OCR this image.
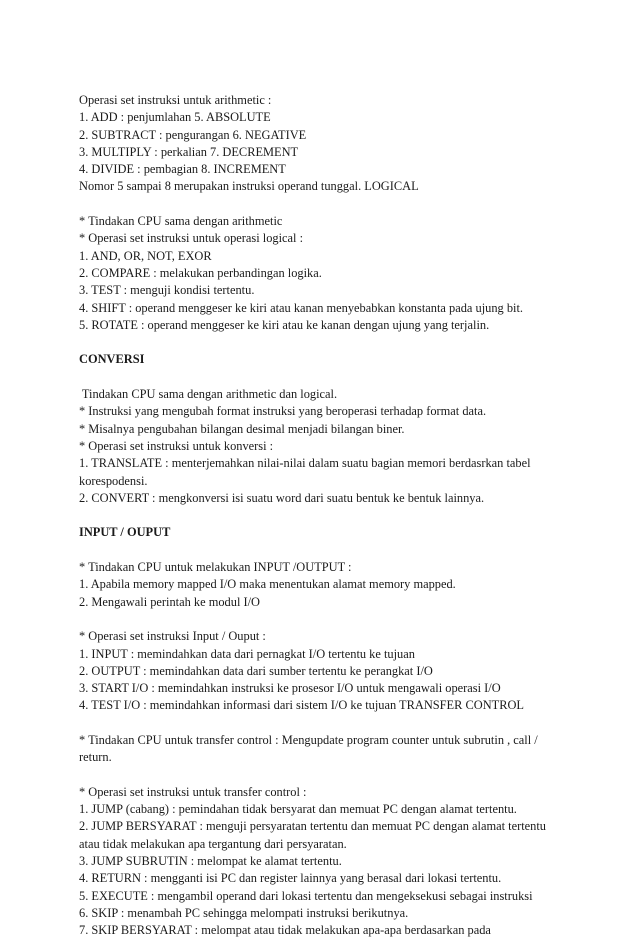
Operasi set instruksi untuk arithmetic :
1. ADD : penjumlahan 5. ABSOLUTE
2. SUBTRACT : pengurangan 6. NEGATIVE
3. MULTIPLY : perkalian 7. DECREMENT
4. DIVIDE : pembagian 8. INCREMENT
Nomor 5 sampai 8 merupakan instruksi operand tunggal. LOGICAL
* Tindakan CPU sama dengan arithmetic
* Operasi set instruksi untuk operasi logical :
1. AND, OR, NOT, EXOR
2. COMPARE : melakukan perbandingan logika.
3. TEST : menguji kondisi tertentu.
4. SHIFT : operand menggeser ke kiri atau kanan menyebabkan konstanta pada ujung bit.
5. ROTATE : operand menggeser ke kiri atau ke kanan dengan ujung yang terjalin.
CONVERSI
Tindakan CPU sama dengan arithmetic dan logical.
* Instruksi yang mengubah format instruksi yang beroperasi terhadap format data.
* Misalnya pengubahan bilangan desimal menjadi bilangan biner.
* Operasi set instruksi untuk konversi :
1. TRANSLATE : menterjemahkan nilai-nilai dalam suatu bagian memori berdasrkan tabel korespodensi.
2. CONVERT : mengkonversi isi suatu word dari suatu bentuk ke bentuk lainnya.
INPUT / OUPUT
* Tindakan CPU untuk melakukan INPUT /OUTPUT :
1. Apabila memory mapped I/O maka menentukan alamat memory mapped.
2. Mengawali perintah ke modul I/O
* Operasi set instruksi Input / Ouput :
1. INPUT : memindahkan data dari pernagkat I/O tertentu ke tujuan
2. OUTPUT : memindahkan data dari sumber tertentu ke perangkat I/O
3. START I/O : memindahkan instruksi ke prosesor I/O untuk mengawali operasi I/O
4. TEST I/O : memindahkan informasi dari sistem I/O ke tujuan TRANSFER CONTROL
* Tindakan CPU untuk transfer control : Mengupdate program counter untuk subrutin , call / return.
* Operasi set instruksi untuk transfer control :
1. JUMP (cabang) : pemindahan tidak bersyarat dan memuat PC dengan alamat tertentu.
2. JUMP BERSYARAT : menguji persyaratan tertentu dan memuat PC dengan alamat tertentu atau tidak melakukan apa tergantung dari persyaratan.
3. JUMP SUBRUTIN : melompat ke alamat tertentu.
4. RETURN : mengganti isi PC dan register lainnya yang berasal dari lokasi tertentu.
5. EXECUTE : mengambil operand dari lokasi tertentu dan mengeksekusi sebagai instruksi
6. SKIP : menambah PC sehingga melompati instruksi berikutnya.
7. SKIP BERSYARAT : melompat atau tidak melakukan apa-apa berdasarkan pada
